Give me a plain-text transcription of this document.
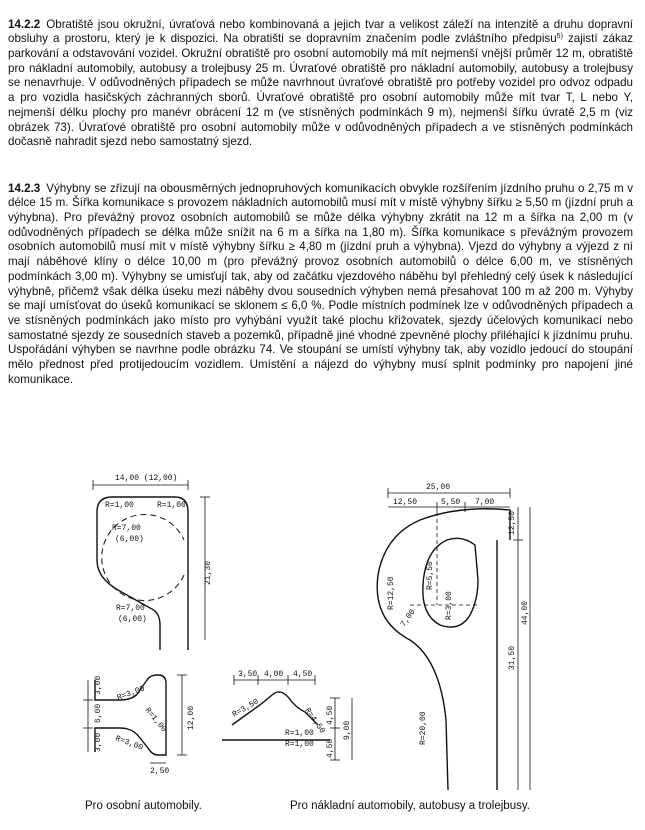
14.2.2 Obratiště jsou okružní, úvraťová nebo kombinovaná a jejich tvar a velikost záleží na intenzitě a druhu dopravní obsluhy a prostoru, který je k dispozici. Na obratišti se dopravním značením podle zvláštního předpisu$^{5)}$ zajistí zákaz parkování a odstavování vozidel. Okružní obratiště pro osobní automobily má mít nejmenší vnější průměr 12 m, obratiště pro nákladní automobily, autobusy a trolejbusy 25 m. Úvraťové obratiště pro nákladní automobily, autobusy a trolejbusy se nenavrhuje. V odůvodněných případech se může navrhnout úvraťové obratiště pro potřeby vozidel pro odvoz odpadu a pro vozidla hasičských záchranných sborů. Úvraťové obratiště pro osobní automobily může mít tvar T, L nebo Y, nejmenší délku plochy pro manévr obrácení 12 m (ve stísněných podmínkách 9 m), nejmenší šířku úvratě 2,5 m (viz obrázek 73). Úvraťové obratiště pro osobní automobily může v odůvodněných případech a ve stísněných podmínkách dočasně nahradit sjezd nebo samostatný sjezd.

14.2.3 Výhybny se zřizují na obousměrných jednopruhových komunikacích obvykle rozšířením jízdního pruhu o 2,75 m v délce 15 m. Šířka komunikace s provozem nákladních automobilů musí mít v místě výhybny šířku ≥ 5,50 m (jízdní pruh a výhybna). Pro převážný provoz osobních automobilů se může délka výhybny zkrátit na 12 m a šířka na 2,00 m (v odůvodněných případech se délka může snížit na 6 m a šířka na 1,80 m). Šířka komunikace s převážným provozem osobních automobilů musí mít v místě výhybny šířku ≥ 4,80 m (jízdní pruh a výhybna). Vjezd do výhybny a výjezd z ní mají náběhové klíny o délce 10,00 m (pro převážný provoz osobních automobilů o délce 6,00 m, ve stísněných podmínkách 3,00 m). Výhybny se umisťují tak, aby od začátku vjezdového náběhu byl přehledný celý úsek k následující výhybně, přičemž však délka úseku mezi náběhy dvou sousedních výhyben nemá přesahovat 100 m až 200 m. Výhyby se mají umísťovat do úseků komunikací se sklonem ≤ 6,0 %. Podle místních podmínek lze v odůvodněných případech a ve stísněných podmínkách jako místo pro vyhýbání využít také plochu křižovatek, sjezdy účelových komunikací nebo samostatné sjezdy ze sousedních staveb a pozemků, případně jiné vhodné zpevněné plochy přiléhající k jízdnímu pruhu. Uspořádání výhyben se navrhne podle obrázku 74. Ve stoupání se umístí výhybny tak, aby vozidlo jedoucí do stoupání mělo přednost před protijedoucím vozidlem. Umístění a nájezd do výhybny musí splnit podmínky pro napojení jiné komunikace.

14,00 (12,00)
21,30
R=1,00	R=1,00
R=7,00
(6,00)
R=7,00
(6,00)
3,00
6,00
3,00
R=3,00
R=1,00
R=3,00
12,00
2,50
3,50 4,00 4,50
R=3,50	R=4,50
R=1,00
R=1,00
4,50
4,50
9,00
25,00
12,50	5,50 7,00
12,50
31,50
44,00
R=12,50
R=5,50
R=3,00
7,00
R=20,00
Pro osobní automobily.	Pro nákladní automobily, autobusy a trolejbusy.
